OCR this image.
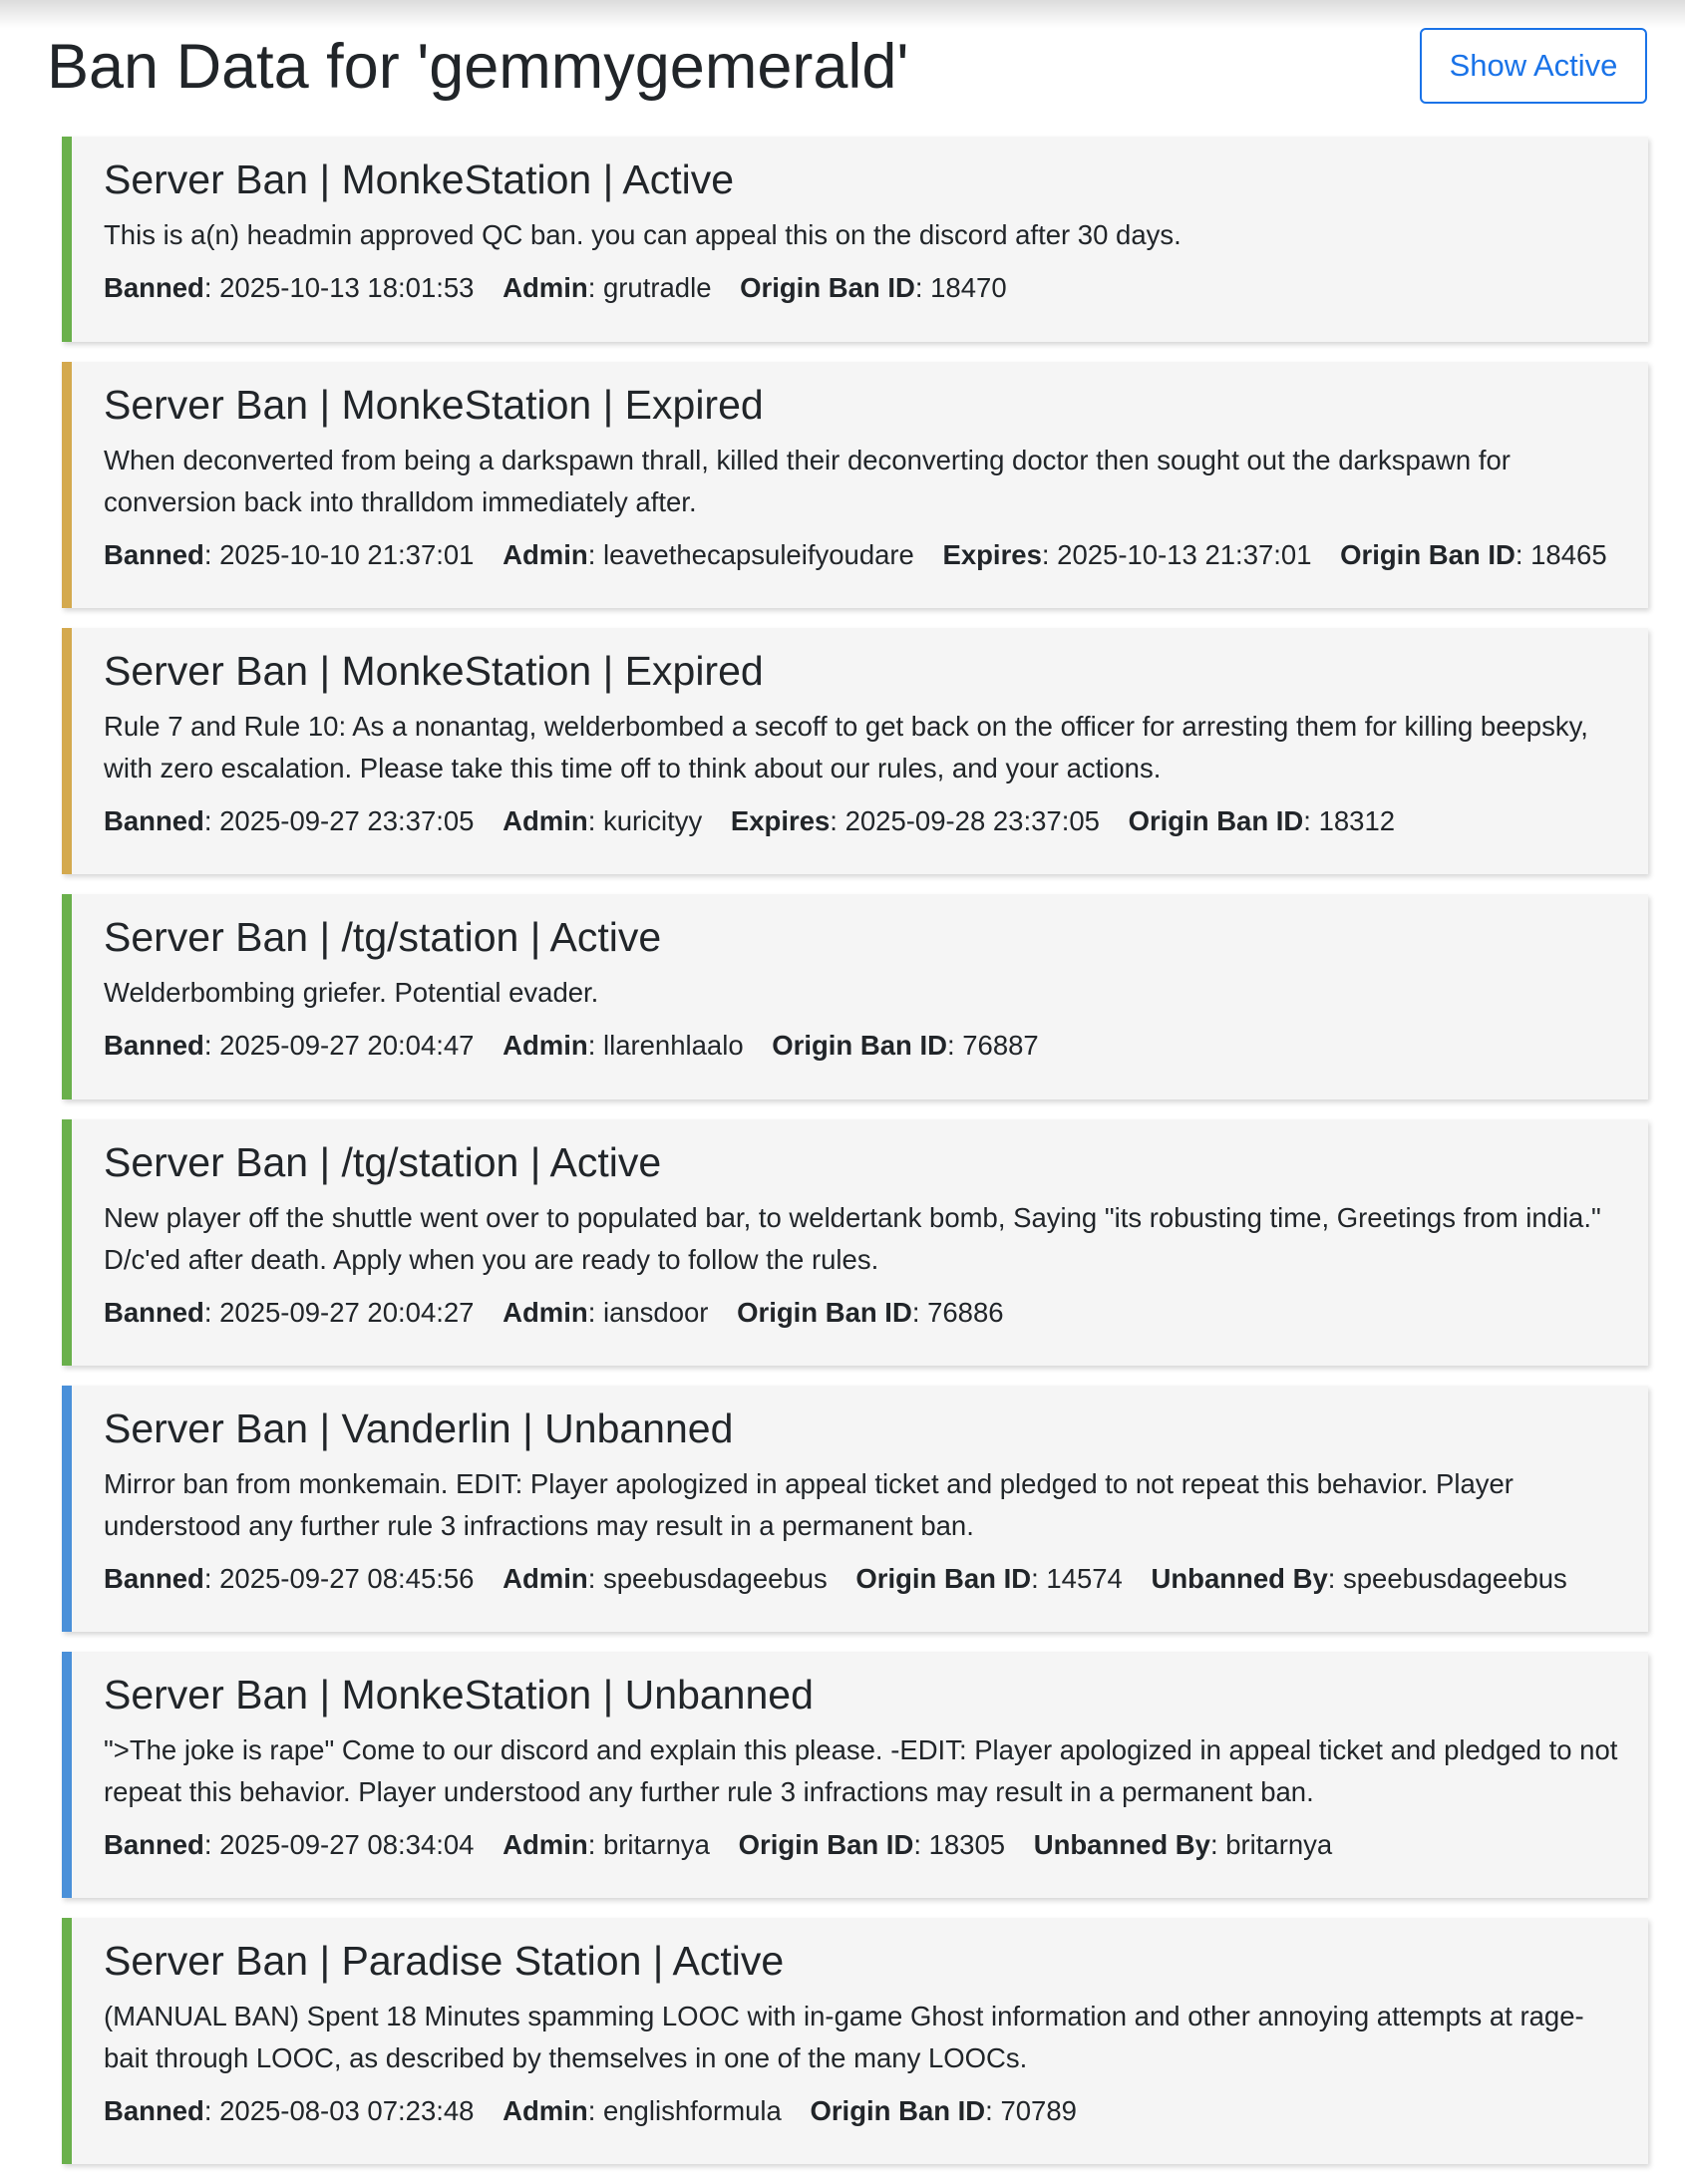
Ban Data for 'gemmygemerald'	Show Active
Server Ban | MonkeStation | Active
This is a(n) headmin approved QC ban. you can appeal this on the discord after 30 days.
Banned: 2025-10-13 18:01:53 Admin: grutradle Origin Ban ID: 18470
Server Ban | MonkeStation | Expired
When deconverted from being a darkspawn thrall, killed their deconverting doctor then sought out the darkspawn for conversion back into thralldom immediately after.
Banned: 2025-10-10 21:37:01 Admin: leavethecapsuleifyoudare Expires: 2025-10-13 21:37:01 Origin Ban ID: 18465
Server Ban | MonkeStation | Expired
Rule 7 and Rule 10: As a nonantag, welderbombed a secoff to get back on the officer for arresting them for killing beepsky, with zero escalation. Please take this time off to think about our rules, and your actions.
Banned: 2025-09-27 23:37:05 Admin: kuricityy Expires: 2025-09-28 23:37:05 Origin Ban ID: 18312
Server Ban | /tg/station | Active
Welderbombing griefer. Potential evader.
Banned: 2025-09-27 20:04:47 Admin: llarenhlaalo Origin Ban ID: 76887
Server Ban | /tg/station | Active
New player off the shuttle went over to populated bar, to weldertank bomb, Saying "its robusting time, Greetings from india." D/c'ed after death. Apply when you are ready to follow the rules.
Banned: 2025-09-27 20:04:27 Admin: iansdoor Origin Ban ID: 76886
Server Ban | Vanderlin | Unbanned
Mirror ban from monkemain. EDIT: Player apologized in appeal ticket and pledged to not repeat this behavior. Player understood any further rule 3 infractions may result in a permanent ban.
Banned: 2025-09-27 08:45:56 Admin: speebusdageebus Origin Ban ID: 14574 Unbanned By: speebusdageebus
Server Ban | MonkeStation | Unbanned
">The joke is rape" Come to our discord and explain this please. -EDIT: Player apologized in appeal ticket and pledged to not repeat this behavior. Player understood any further rule 3 infractions may result in a permanent ban.
Banned: 2025-09-27 08:34:04 Admin: britarnya Origin Ban ID: 18305 Unbanned By: britarnya
Server Ban | Paradise Station | Active
(MANUAL BAN) Spent 18 Minutes spamming LOOC with in-game Ghost information and other annoying attempts at rage-bait through LOOC, as described by themselves in one of the many LOOCs.
Banned: 2025-08-03 07:23:48 Admin: englishformula Origin Ban ID: 70789
